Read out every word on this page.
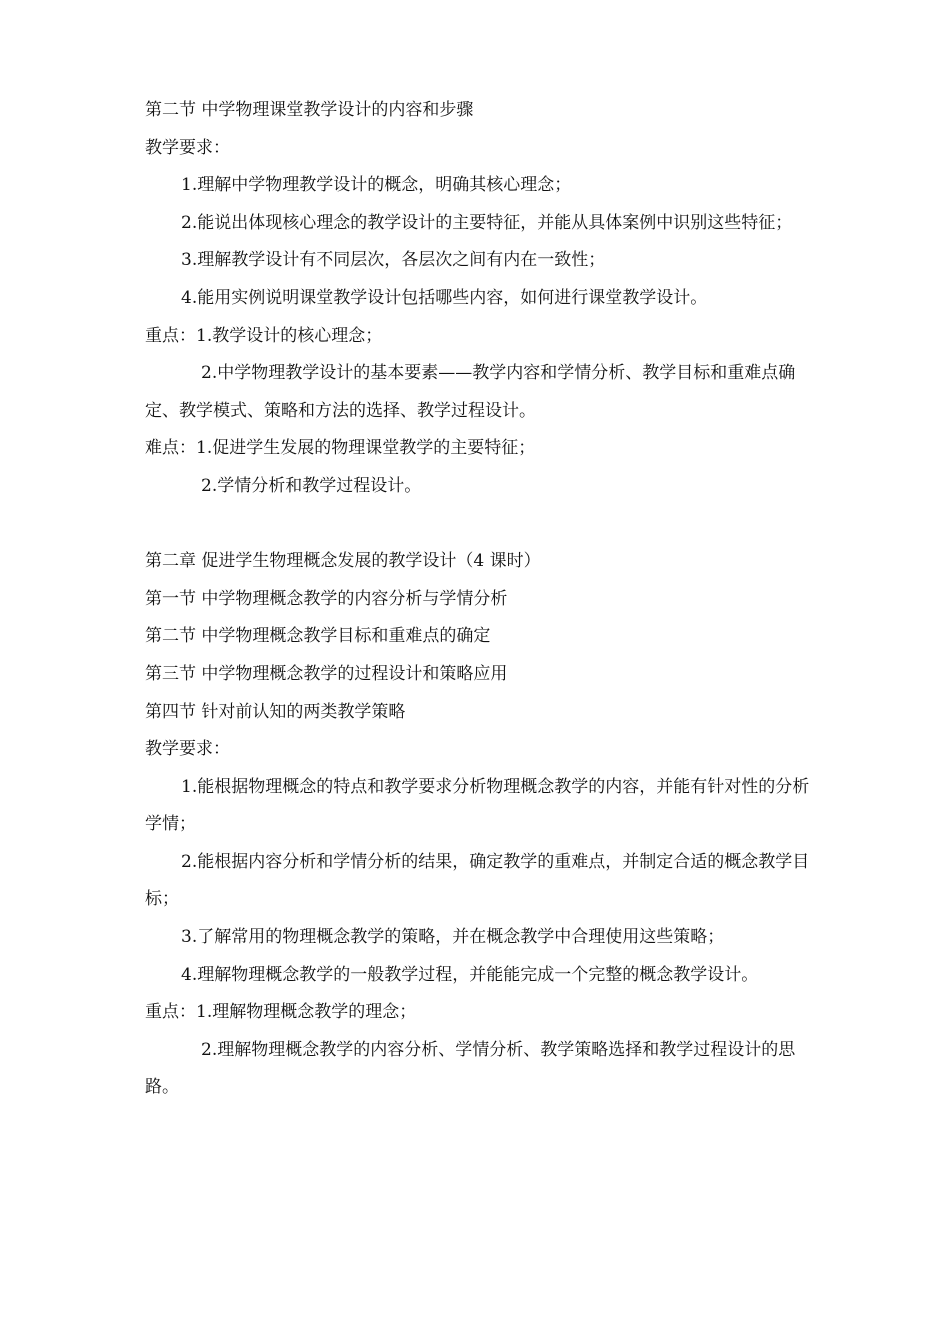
第二节 中学物理课堂教学设计的内容和步骤

教学要求：

1.理解中学物理教学设计的概念，明确其核心理念；

2.能说出体现核心理念的教学设计的主要特征，并能从具体案例中识别这些特征；

3.理解教学设计有不同层次，各层次之间有内在一致性；

4.能用实例说明课堂教学设计包括哪些内容，如何进行课堂教学设计。

重点：1.教学设计的核心理念；

2.中学物理教学设计的基本要素——教学内容和学情分析、教学目标和重难点确定、教学模式、策略和方法的选择、教学过程设计。

难点：1.促进学生发展的物理课堂教学的主要特征；

2.学情分析和教学过程设计。

第二章 促进学生物理概念发展的教学设计（4 课时）

第一节 中学物理概念教学的内容分析与学情分析

第二节 中学物理概念教学目标和重难点的确定

第三节 中学物理概念教学的过程设计和策略应用

第四节 针对前认知的两类教学策略

教学要求：

1.能根据物理概念的特点和教学要求分析物理概念教学的内容，并能有针对性的分析学情；

2.能根据内容分析和学情分析的结果，确定教学的重难点，并制定合适的概念教学目标；

3.了解常用的物理概念教学的策略，并在概念教学中合理使用这些策略；

4.理解物理概念教学的一般教学过程，并能能完成一个完整的概念教学设计。

重点：1.理解物理概念教学的理念；

2.理解物理概念教学的内容分析、学情分析、教学策略选择和教学过程设计的思路。
